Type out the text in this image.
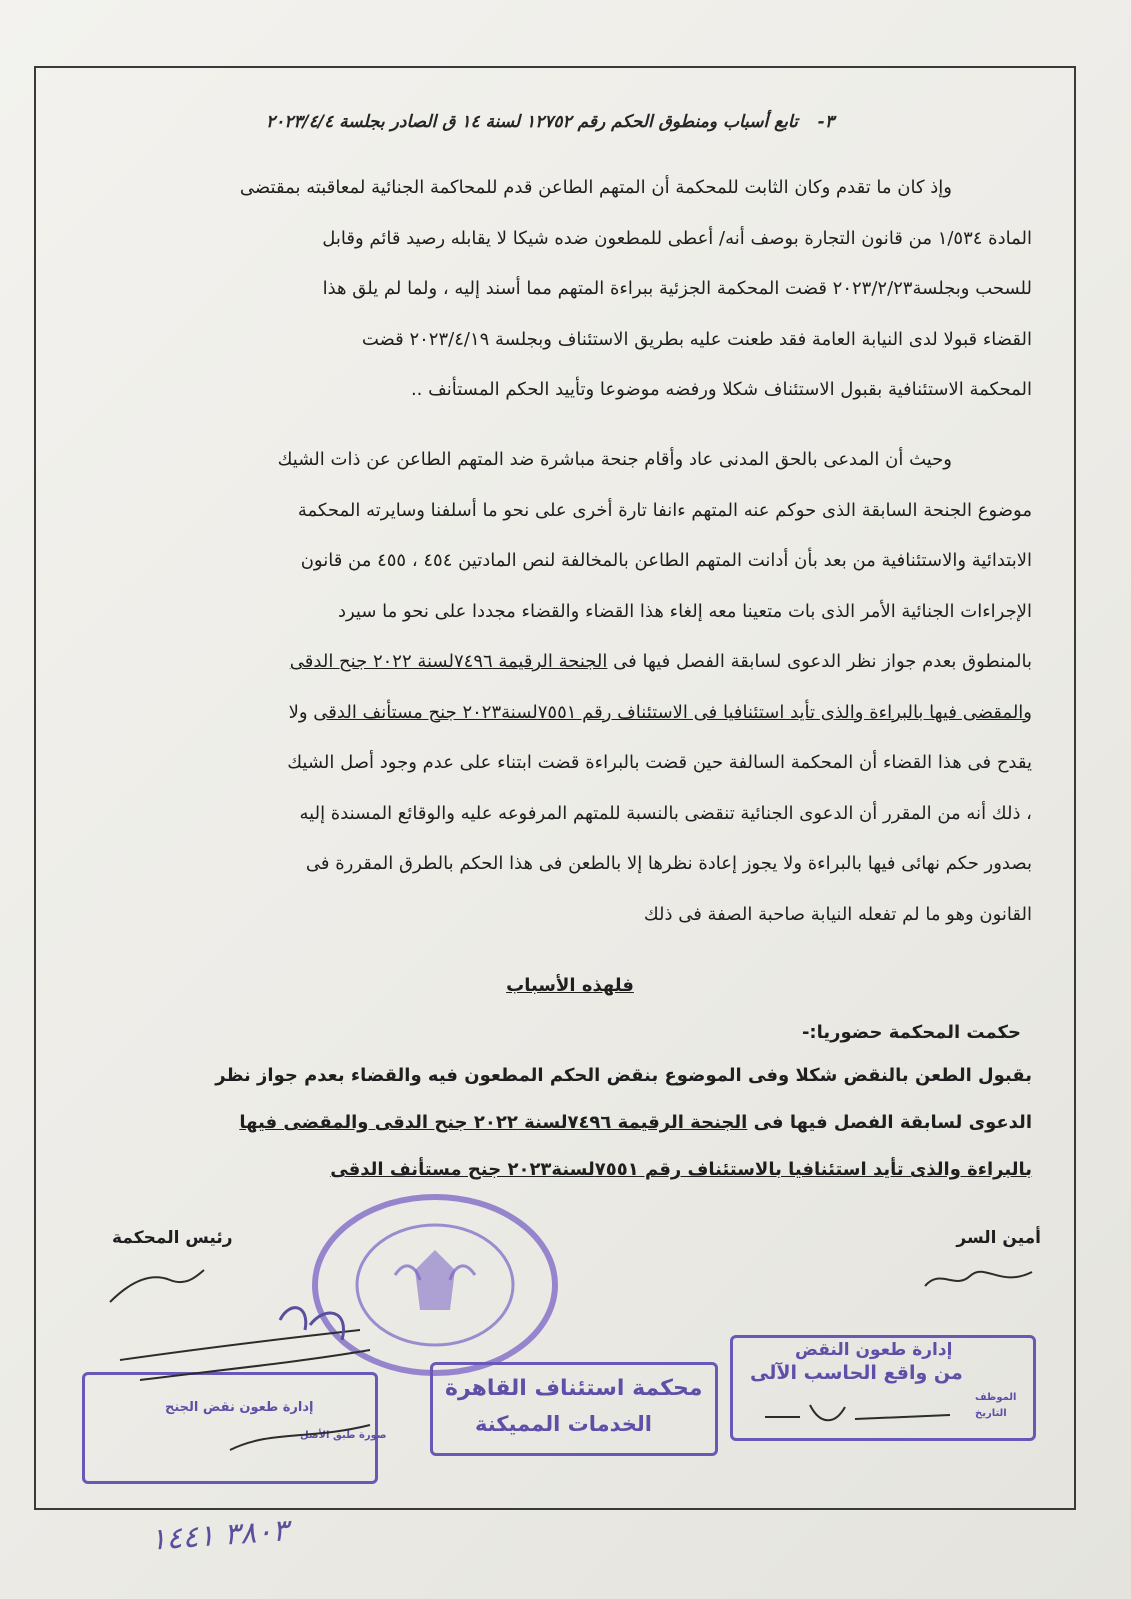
٣- تابع أسباب ومنطوق الحكم رقم ١٢٧٥٢ لسنة ١٤ ق الصادر بجلسة ٢٠٢٣/٤/٤
وإذ كان ما تقدم وكان الثابت للمحكمة أن المتهم الطاعن قدم للمحاكمة الجنائية لمعاقبته بمقتضى
المادة ١/٥٣٤ من قانون التجارة بوصف أنه/ أعطى للمطعون ضده شيكا لا يقابله رصيد قائم وقابل
للسحب وبجلسة٢٠٢٣/٢/٢٣ قضت المحكمة الجزئية ببراءة المتهم مما أسند إليه ، ولما لم يلق هذا
القضاء قبولا لدى النيابة العامة فقد طعنت عليه بطريق الاستئناف وبجلسة ٢٠٢٣/٤/١٩ قضت
المحكمة الاستئنافية بقبول الاستئناف شكلا ورفضه موضوعا وتأييد الحكم المستأنف ..
وحيث أن المدعى بالحق المدنى عاد وأقام جنحة مباشرة ضد المتهم الطاعن عن ذات الشيك
موضوع الجنحة السابقة الذى حوكم عنه المتهم ءانفا تارة أخرى على نحو ما أسلفنا وسايرته المحكمة
الابتدائية والاستئنافية من بعد بأن أدانت المتهم الطاعن بالمخالفة لنص المادتين ٤٥٤ ، ٤٥٥ من قانون
الإجراءات الجنائية الأمر الذى بات متعينا معه إلغاء هذا القضاء والقضاء مجددا على نحو ما سيرد
بالمنطوق بعدم جواز نظر الدعوى لسابقة الفصل فيها فى الجنحة الرقيمة ٧٤٩٦لسنة ٢٠٢٢ جنح الدقى
والمقضى فيها بالبراءة والذى تأيد استئنافيا فى الاستئناف رقم ٧٥٥١لسنة٢٠٢٣ جنح مستأنف الدقى ولا
يقدح فى هذا القضاء أن المحكمة السالفة حين قضت بالبراءة قضت ابتناء على عدم وجود أصل الشيك
، ذلك أنه من المقرر أن الدعوى الجنائية تنقضى بالنسبة للمتهم المرفوعه عليه والوقائع المسندة إليه
بصدور حكم نهائى فيها بالبراءة ولا يجوز إعادة نظرها إلا بالطعن فى هذا الحكم بالطرق المقررة فى
القانون وهو ما لم تفعله النيابة صاحبة الصفة فى ذلك
فلهذه الأسباب
حكمت المحكمة حضوريا:-
بقبول الطعن بالنقض شكلا وفى الموضوع بنقض الحكم المطعون فيه والقضاء بعدم جواز نظر
الدعوى لسابقة الفصل فيها فى الجنحة الرقيمة ٧٤٩٦لسنة ٢٠٢٢ جنح الدقى والمقضى فيها
بالبراءة والذى تأيد استئنافيا بالاستئناف رقم ٧٥٥١لسنة٢٠٢٣ جنح مستأنف الدقى
رئيس المحكمة	أمين السر
محكمة استئناف القاهرة
الخدمات المميكنة
إدارة طعون النقض
من واقع الحاسب الآلى
الموظف
التاريخ
إدارة طعون نقض الجنح
صورة طبق الأصل
٣٨٠٣ ١٤٤١
